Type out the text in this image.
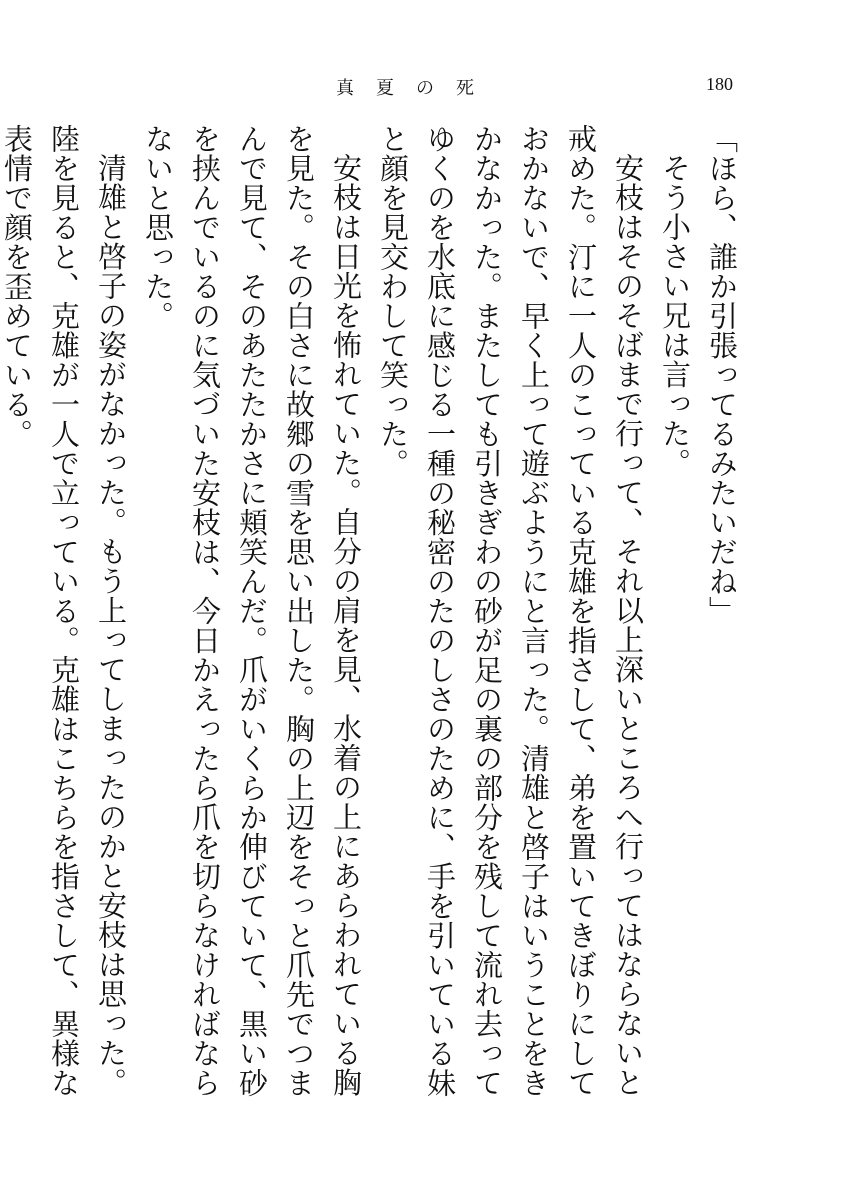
真夏の死	180

「ほら、誰か引張ってるみたいだね」

そう小さい兄は言った。

安枝はそのそばまで行って、それ以上深いところへ行ってはならないと戒めた。汀に一人のこっている克雄を指さして、弟を置いてきぼりにしておかないで、早く上って遊ぶようにと言った。清雄と啓子はいうことをきかなかった。またしても引きぎわの砂が足の裏の部分を残して流れ去ってゆくのを水底に感じる一種の秘密のたのしさのために、手を引いている妹と顔を見交わして笑った。

安枝は日光を怖れていた。自分の肩を見、水着の上にあらわれている胸を見た。その白さに故郷の雪を思い出した。胸の上辺をそっと爪先でつまんで見て、そのあたたかさに頬笑んだ。爪がいくらか伸びていて、黒い砂を挟んでいるのに気づいた安枝は、今日かえったら爪を切らなければならないと思った。

清雄と啓子の姿がなかった。もう上ってしまったのかと安枝は思った。陸を見ると、克雄が一人で立っている。克雄はこちらを指さして、異様な表情で顔を歪めている。
